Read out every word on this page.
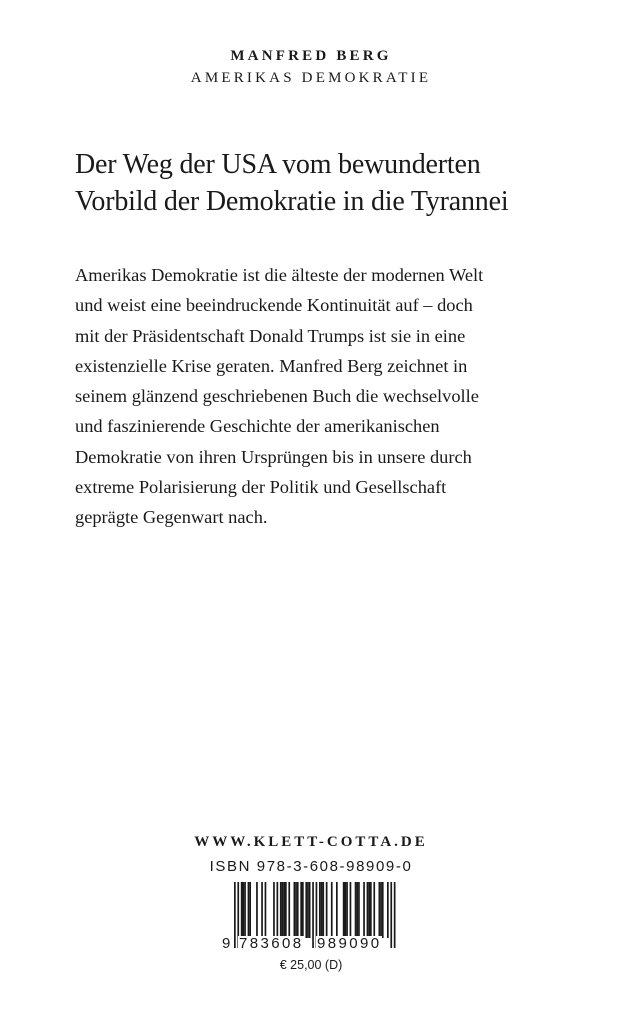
MANFRED BERG
AMERIKAS DEMOKRATIE
Der Weg der USA vom bewunderten
Vorbild der Demokratie in die Tyrannei
Amerikas Demokratie ist die älteste der modernen Welt
und weist eine beeindruckende Kontinuität auf – doch
mit der Präsidentschaft Donald Trumps ist sie in eine
existenzielle Krise geraten. Manfred Berg zeichnet in
seinem glänzend geschriebenen Buch die wechselvolle
und faszinierende Geschichte der amerikanischen
Demokratie von ihren Ursprüngen bis in unsere durch
extreme Polarisierung der Politik und Gesellschaft
geprägte Gegenwart nach.
WWW.KLETT-COTTA.DE
ISBN 978-3-608-98909-0
9 783608 989090
€ 25,00 (D)
